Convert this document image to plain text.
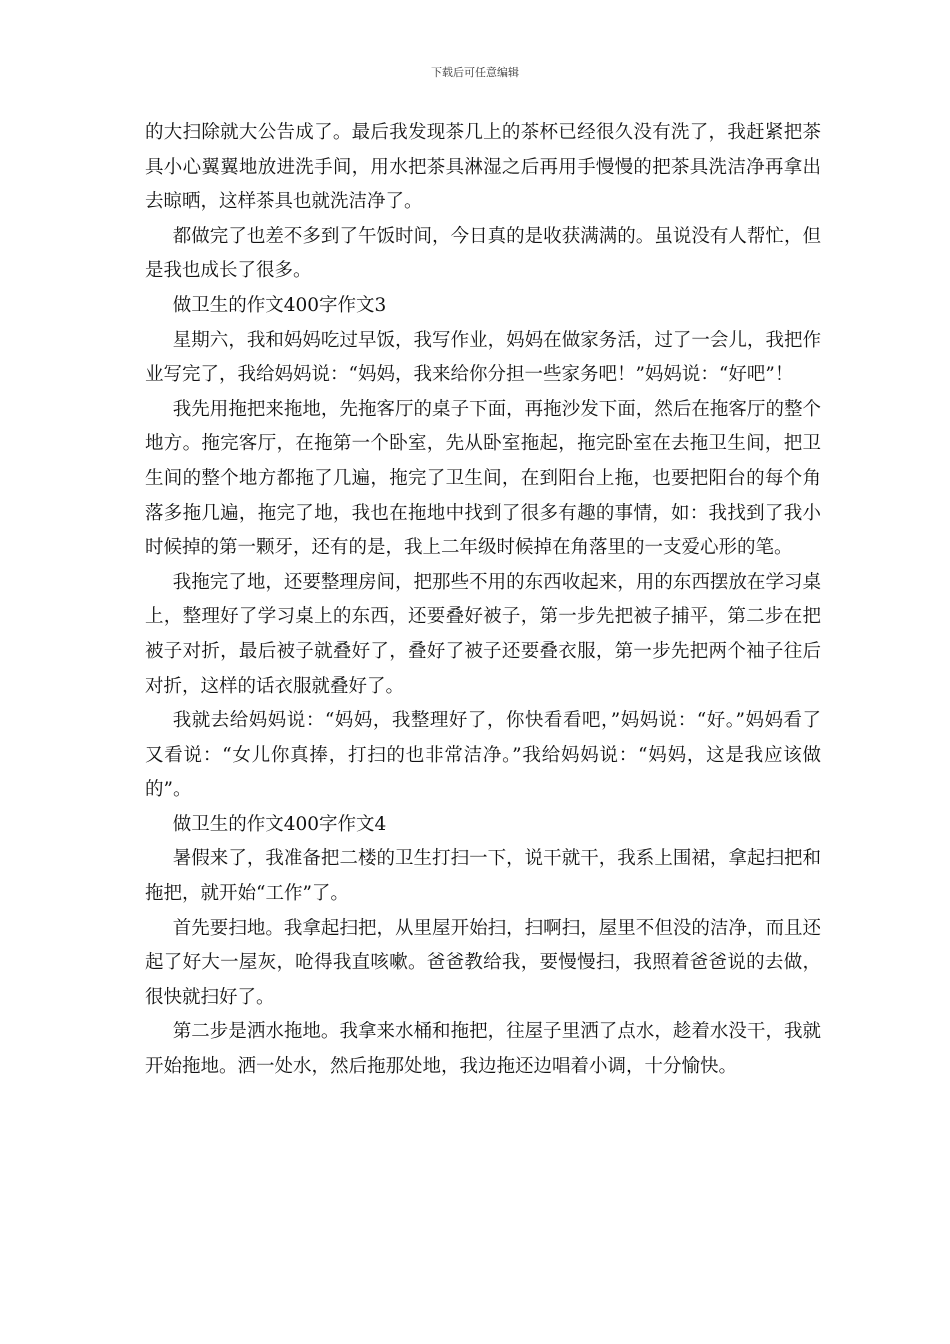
下载后可任意编辑

的大扫除就大公告成了。最后我发现茶几上的茶杯已经很久没有洗了，我赶紧把茶具小心翼翼地放进洗手间，用水把茶具淋湿之后再用手慢慢的把茶具洗洁净再拿出去晾晒，这样茶具也就洗洁净了。

都做完了也差不多到了午饭时间，今日真的是收获满满的。虽说没有人帮忙，但是我也成长了很多。

做卫生的作文400字作文3

星期六，我和妈妈吃过早饭，我写作业，妈妈在做家务活，过了一会儿，我把作业写完了，我给妈妈说：“妈妈，我来给你分担一些家务吧！”妈妈说：“好吧”！

我先用拖把来拖地，先拖客厅的桌子下面，再拖沙发下面，然后在拖客厅的整个地方。拖完客厅，在拖第一个卧室，先从卧室拖起，拖完卧室在去拖卫生间，把卫生间的整个地方都拖了几遍，拖完了卫生间，在到阳台上拖，也要把阳台的每个角落多拖几遍，拖完了地，我也在拖地中找到了很多有趣的事情，如：我找到了我小时候掉的第一颗牙，还有的是，我上二年级时候掉在角落里的一支爱心形的笔。

我拖完了地，还要整理房间，把那些不用的东西收起来，用的东西摆放在学习桌上，整理好了学习桌上的东西，还要叠好被子，第一步先把被子捕平，第二步在把被子对折，最后被子就叠好了，叠好了被子还要叠衣服，第一步先把两个袖子往后对折，这样的话衣服就叠好了。

我就去给妈妈说：“妈妈，我整理好了，你快看看吧，”妈妈说：“好。”妈妈看了又看说：“女儿你真捧，打扫的也非常洁净。”我给妈妈说：“妈妈，这是我应该做的”。

做卫生的作文400字作文4

暑假来了，我准备把二楼的卫生打扫一下，说干就干，我系上围裙，拿起扫把和拖把，就开始“工作”了。

首先要扫地。我拿起扫把，从里屋开始扫，扫啊扫，屋里不但没的洁净，而且还起了好大一屋灰，呛得我直咳嗽。爸爸教给我，要慢慢扫，我照着爸爸说的去做，很快就扫好了。

第二步是洒水拖地。我拿来水桶和拖把，往屋子里洒了点水，趁着水没干，我就开始拖地。洒一处水，然后拖那处地，我边拖还边唱着小调，十分愉快。
